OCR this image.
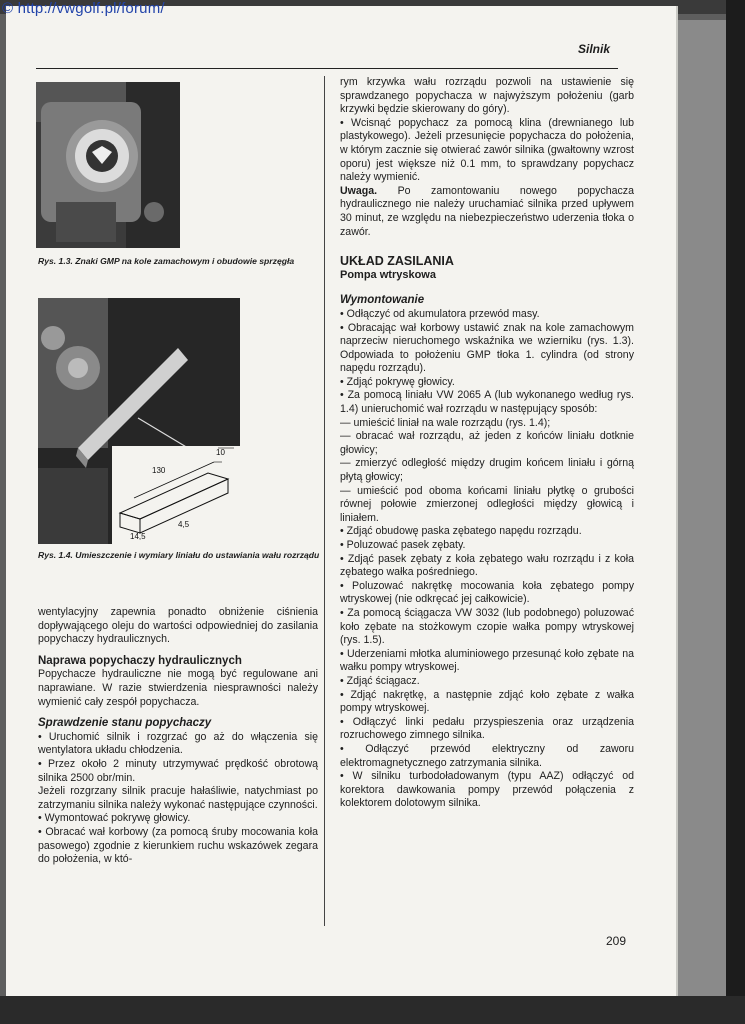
© http://vwgolf.pl/forum/
Silnik
Rys. 1.3. Znaki GMP na kole zamachowym i obudowie sprzęgła
10
130
4,5
14,5
Rys. 1.4. Umieszczenie i wymiary liniału do ustawiania wału rozrządu

wentylacyjny zapewnia ponadto obniżenie ciśnienia dopływającego oleju do wartości odpowiedniej do zasilania popychaczy hydraulicznych.

Naprawa popychaczy hydraulicznych

Popychacze hydrauliczne nie mogą być regulowane ani naprawiane. W razie stwierdzenia niesprawności należy wymienić cały zespół popychacza.

Sprawdzenie stanu popychaczy

• Uruchomić silnik i rozgrzać go aż do włączenia się wentylatora układu chłodzenia.

• Przez około 2 minuty utrzymywać prędkość obrotową silnika 2500 obr/min.

Jeżeli rozgrzany silnik pracuje hałaśliwie, natychmiast po zatrzymaniu silnika należy wykonać następujące czynności.

• Wymontować pokrywę głowicy.

• Obracać wał korbowy (za pomocą śruby mocowania koła pasowego) zgodnie z kierunkiem ruchu wskazówek zegara do położenia, w któ-

rym krzywka wału rozrządu pozwoli na ustawienie się sprawdzanego popychacza w najwyższym położeniu (garb krzywki będzie skierowany do góry).

• Wcisnąć popychacz za pomocą klina (drewnianego lub plastykowego). Jeżeli przesunięcie popychacza do położenia, w którym zacznie się otwierać zawór silnika (gwałtowny wzrost oporu) jest większe niż 0.1 mm, to sprawdzany popychacz należy wymienić.

Uwaga. Po zamontowaniu nowego popychacza hydraulicznego nie należy uruchamiać silnika przed upływem 30 minut, ze względu na niebezpieczeństwo uderzenia tłoka o zawór.

UKŁAD ZASILANIA

Pompa wtryskowa

Wymontowanie

• Odłączyć od akumulatora przewód masy.

• Obracając wał korbowy ustawić znak na kole zamachowym naprzeciw nieruchomego wskaźnika we wzierniku (rys. 1.3). Odpowiada to położeniu GMP tłoka 1. cylindra (od strony napędu rozrządu).

• Zdjąć pokrywę głowicy.

• Za pomocą liniału VW 2065 A (lub wykonanego według rys. 1.4) unieruchomić wał rozrządu w następujący sposób:

— umieścić liniał na wale rozrządu (rys. 1.4);

— obracać wał rozrządu, aż jeden z końców liniału dotknie głowicy;

— zmierzyć odległość między drugim końcem liniału i górną płytą głowicy;

— umieścić pod oboma końcami liniału płytkę o grubości równej połowie zmierzonej odległości między głowicą i liniałem.

• Zdjąć obudowę paska zębatego napędu rozrządu.

• Poluzować pasek zębaty.

• Zdjąć pasek zębaty z koła zębatego wału rozrządu i z koła zębatego wałka pośredniego.

• Poluzować nakrętkę mocowania koła zębatego pompy wtryskowej (nie odkręcać jej całkowicie).

• Za pomocą ściągacza VW 3032 (lub podobnego) poluzować koło zębate na stożkowym czopie wałka pompy wtryskowej (rys. 1.5).

• Uderzeniami młotka aluminiowego przesunąć koło zębate na wałku pompy wtryskowej.

• Zdjąć ściągacz.

• Zdjąć nakrętkę, a następnie zdjąć koło zębate z wałka pompy wtryskowej.

• Odłączyć linki pedału przyspieszenia oraz urządzenia rozruchowego zimnego silnika.

• Odłączyć przewód elektryczny od zaworu elektromagnetycznego zatrzymania silnika.

• W silniku turbodoładowanym (typu AAZ) odłączyć od korektora dawkowania pompy przewód połączenia z kolektorem dolotowym silnika.

209
